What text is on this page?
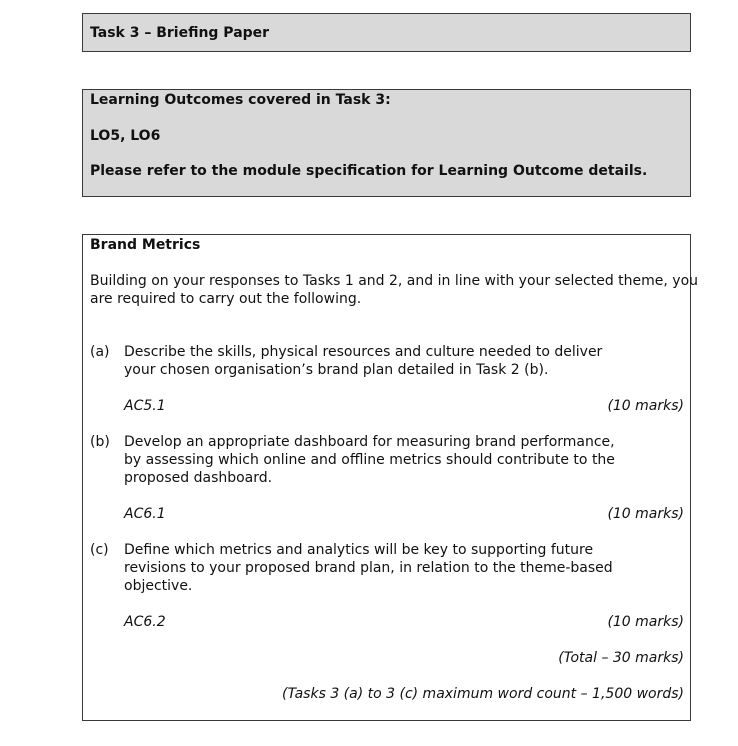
Task 3 – Briefing Paper
Learning Outcomes covered in Task 3:
LO5, LO6
Please refer to the module specification for Learning Outcome details.
Brand Metrics
Building on your responses to Tasks 1 and 2, and in line with your selected theme, you
are required to carry out the following.
(a) Describe the skills, physical resources and culture needed to deliver
your chosen organisation’s brand plan detailed in Task 2 (b).
AC5.1	(10 marks)
(b) Develop an appropriate dashboard for measuring brand performance,
by assessing which online and offline metrics should contribute to the
proposed dashboard.
AC6.1	(10 marks)
(c) Define which metrics and analytics will be key to supporting future
revisions to your proposed brand plan, in relation to the theme-based
objective.
AC6.2	(10 marks)
(Total – 30 marks)
(Tasks 3 (a) to 3 (c) maximum word count – 1,500 words)
